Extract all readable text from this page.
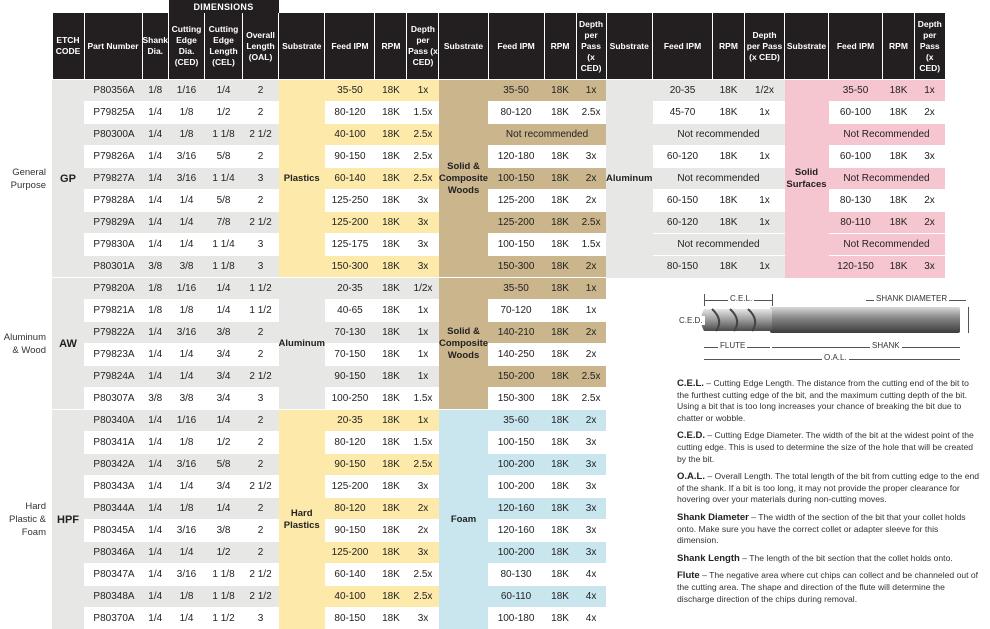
				DIMENSIONS																		
	ETCH CODE	Part Number	Shank Dia.	Cutting Edge Dia. (CED)	Cutting Edge Length (CEL)	Overall Length (OAL)	Substrate	Feed IPM	RPM	Depth per Pass (x CED)	Substrate	Feed IPM	RPM	Depth per Pass (x CED)	Substrate	Feed IPM	RPM	Depth per Pass (x CED)	Substrate	Feed IPM	RPM	Depth per Pass (x CED)
General Purpose	GP	P80356A	1/8	1/16	1/4	2	Plastics	35-50	18K	1x	Solid & Composite Woods	35-50	18K	1x	Aluminum	20-35	18K	1/2x	Solid Surfaces	35-50	18K	1x
		P79825A	1/4	1/8	1/2	2		80-120	18K	1.5x		80-120	18K	2.5x		45-70	18K	1x		60-100	18K	2x
		P80300A	1/4	1/8	1 1/8	2 1/2		40-100	18K	2.5x		Not recommended				Not recommended				Not Recommended		
		P79826A	1/4	3/16	5/8	2		90-150	18K	2.5x		120-180	18K	3x		60-120	18K	1x		60-100	18K	3x
		P79827A	1/4	3/16	1 1/4	3		60-140	18K	2.5x		100-150	18K	2x		Not recommended				Not Recommended		
		P79828A	1/4	1/4	5/8	2		125-250	18K	3x		125-200	18K	2x		60-150	18K	1x		80-130	18K	2x
		P79829A	1/4	1/4	7/8	2 1/2		125-200	18K	3x		125-200	18K	2.5x		60-120	18K	1x		80-110	18K	2x
		P79830A	1/4	1/4	1 1/4	3		125-175	18K	3x		100-150	18K	1.5x		Not recommended				Not Recommended		
		P80301A	3/8	3/8	1 1/8	3		150-300	18K	3x		150-300	18K	2x		80-150	18K	1x		120-150	18K	3x
Aluminum & Wood	AW	P79820A	1/8	1/16	1/4	1 1/2	Aluminum	20-35	18K	1/2x	Solid & Composite Woods	35-50	18K	1x								
		P79821A	1/8	1/8	1/4	1 1/2		40-65	18K	1x		70-120	18K	1x								
		P79822A	1/4	3/16	3/8	2		70-130	18K	1x		140-210	18K	2x								
		P79823A	1/4	1/4	3/4	2		70-150	18K	1x		140-250	18K	2x								
		P79824A	1/4	1/4	3/4	2 1/2		90-150	18K	1x		150-200	18K	2.5x								
		P80307A	3/8	3/8	3/4	3		100-250	18K	1.5x		150-300	18K	2.5x								
Hard Plastic & Foam	HPF	P80340A	1/4	1/16	1/4	2	Hard Plastics	20-35	18K	1x	Foam	35-60	18K	2x								
		P80341A	1/4	1/8	1/2	2		80-120	18K	1.5x		100-150	18K	3x								
		P80342A	1/4	3/16	5/8	2		90-150	18K	2.5x		100-200	18K	3x								
		P80343A	1/4	1/4	3/4	2 1/2		125-200	18K	3x		100-200	18K	3x								
		P80344A	1/4	1/8	1/4	2		80-120	18K	2x		120-160	18K	3x								
		P80345A	1/4	3/16	3/8	2		90-150	18K	2x		120-160	18K	3x								
		P80346A	1/4	1/4	1/2	2		125-200	18K	3x		100-200	18K	3x								
		P80347A	1/4	3/16	1 1/8	2 1/2		60-140	18K	2.5x		80-130	18K	4x								
		P80348A	1/4	1/8	1 1/8	2 1/2		40-100	18K	2.5x		60-110	18K	4x								
		P80370A	1/4	1/4	1 1/2	3		80-150	18K	3x		100-180	18K	4x								
C.E.L.
C.E.D.
SHANK DIAMETER
FLUTE	SHANK
O.A.L.

C.E.L. – Cutting Edge Length. The distance from the cutting end of the bit to the furthest cutting edge of the bit, and the maximum cutting depth of the bit. Using a bit that is too long increases your chance of breaking the bit due to chatter or wobble.

C.E.D. – Cutting Edge Diameter. The width of the bit at the widest point of the cutting edge. This is used to determine the size of the hole that will be created by the bit.

O.A.L. – Overall Length. The total length of the bit from cutting edge to the end of the shank. If a bit is too long, it may not provide the proper clearance for hovering over your materials during non-cutting moves.

Shank Diameter – The width of the section of the bit that your collet holds onto. Make sure you have the correct collet or adapter sleeve for this dimension.

Shank Length – The length of the bit section that the collet holds onto.

Flute – The negative area where cut chips can collect and be channeled out of the cutting area. The shape and direction of the flute will determine the discharge direction of the chips during removal.
